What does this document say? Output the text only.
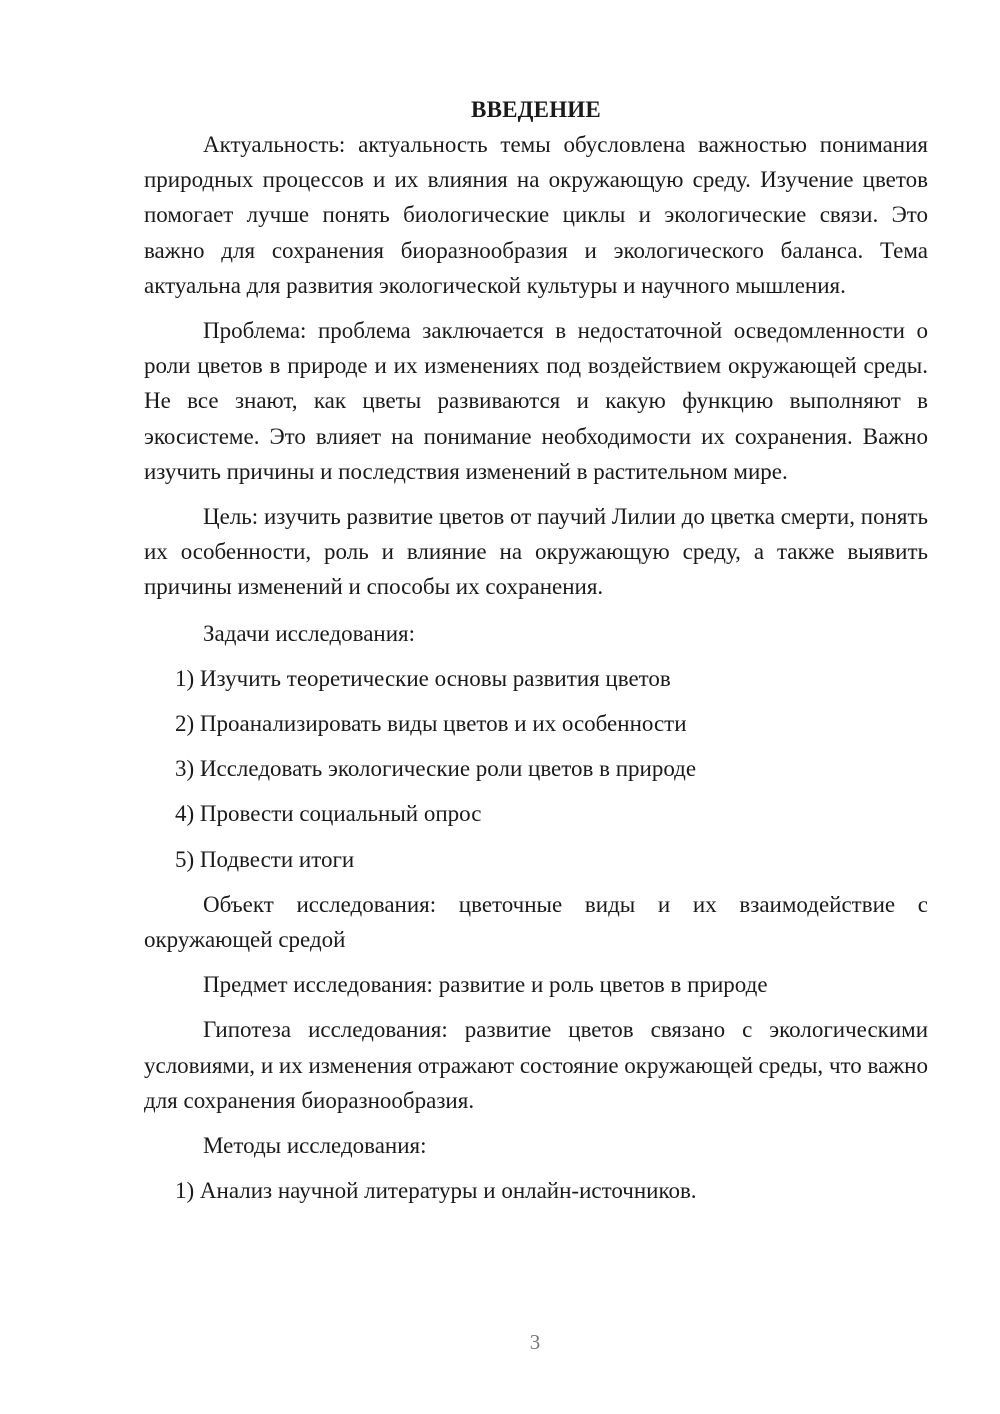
ВВЕДЕНИЕ

Актуальность: актуальность темы обусловлена важностью понимания природных процессов и их влияния на окружающую среду. Изучение цветов помогает лучше понять биологические циклы и экологические связи. Это важно для сохранения биоразнообразия и экологического баланса. Тема актуальна для развития экологической культуры и научного мышления.

Проблема: проблема заключается в недостаточной осведомленности о роли цветов в природе и их изменениях под воздействием окружающей среды. Не все знают, как цветы развиваются и какую функцию выполняют в экосистеме. Это влияет на понимание необходимости их сохранения. Важно изучить причины и последствия изменений в растительном мире.

Цель: изучить развитие цветов от паучий Лилии до цветка смерти, понять их особенности, роль и влияние на окружающую среду, а также выявить причины изменений и способы их сохранения.

Задачи исследования:

1) Изучить теоретические основы развития цветов

2) Проанализировать виды цветов и их особенности

3) Исследовать экологические роли цветов в природе

4) Провести социальный опрос

5) Подвести итоги

Объект исследования: цветочные виды и их взаимодействие с окружающей средой

Предмет исследования: развитие и роль цветов в природе

Гипотеза исследования: развитие цветов связано с экологическими условиями, и их изменения отражают состояние окружающей среды, что важно для сохранения биоразнообразия.

Методы исследования:

1) Анализ научной литературы и онлайн-источников.

3
